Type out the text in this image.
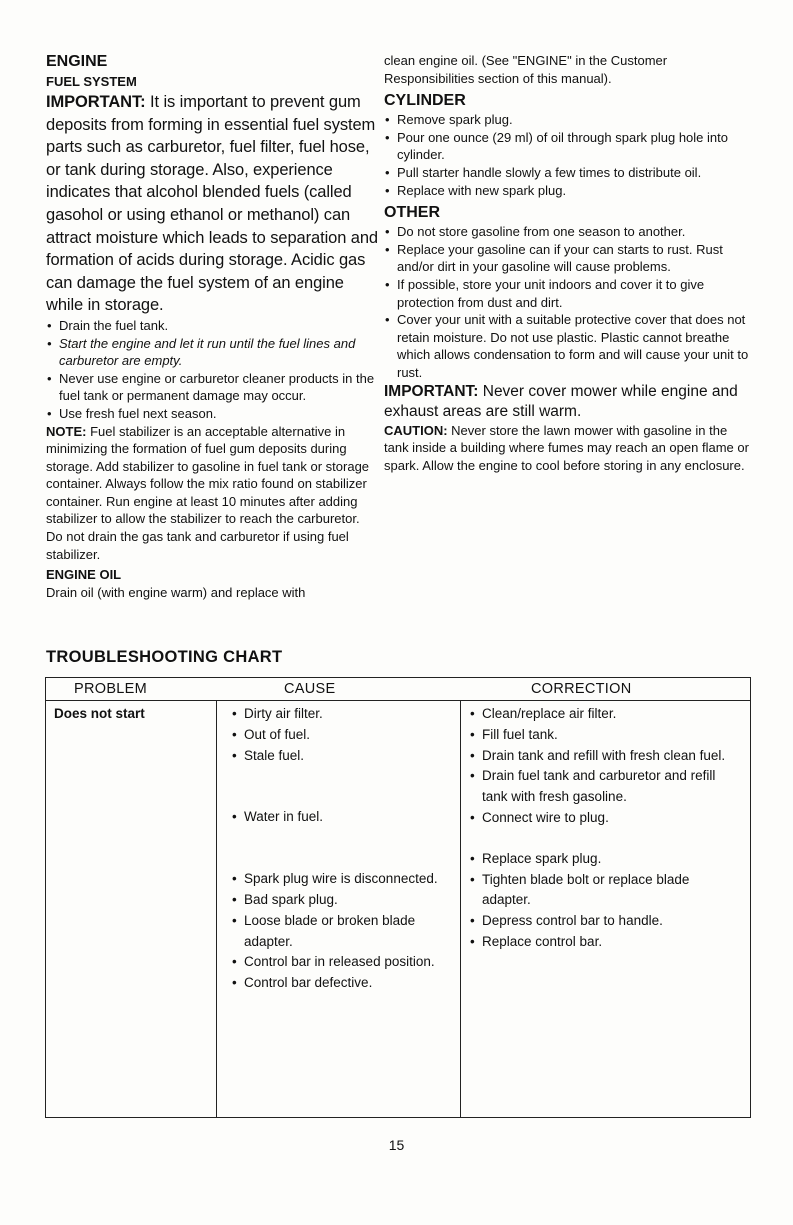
ENGINE

FUEL SYSTEM

IMPORTANT: It is important to prevent gum deposits from forming in essential fuel system parts such as carburetor, fuel filter, fuel hose, or tank during storage. Also, experience indicates that alcohol blended fuels (called gasohol or using ethanol or methanol) can attract moisture which leads to separation and formation of acids during storage. Acidic gas can damage the fuel system of an engine while in storage.

• Drain the fuel tank.
• Start the engine and let it run until the fuel lines and carburetor are empty.
• Never use engine or carburetor cleaner products in the fuel tank or permanent damage may occur.
• Use fresh fuel next season.

NOTE: Fuel stabilizer is an acceptable alternative in minimizing the formation of fuel gum deposits during storage. Add stabilizer to gasoline in fuel tank or storage container. Always follow the mix ratio found on stabilizer container. Run engine at least 10 minutes after adding stabilizer to allow the stabilizer to reach the carburetor. Do not drain the gas tank and carburetor if using fuel stabilizer.

ENGINE OIL

Drain oil (with engine warm) and replace with

clean engine oil. (See "ENGINE" in the Customer Responsibilities section of this manual).

CYLINDER

• Remove spark plug.
• Pour one ounce (29 ml) of oil through spark plug hole into cylinder.
• Pull starter handle slowly a few times to distribute oil.
• Replace with new spark plug.

OTHER

• Do not store gasoline from one season to another.
• Replace your gasoline can if your can starts to rust. Rust and/or dirt in your gasoline will cause problems.
• If possible, store your unit indoors and cover it to give protection from dust and dirt.
• Cover your unit with a suitable protective cover that does not retain moisture. Do not use plastic. Plastic cannot breathe which allows condensation to form and will cause your unit to rust.

IMPORTANT: Never cover mower while engine and exhaust areas are still warm.

CAUTION: Never store the lawn mower with gasoline in the tank inside a building where fumes may reach an open flame or spark. Allow the engine to cool before storing in any enclosure.

TROUBLESHOOTING CHART

PROBLEM	CAUSE	CORRECTION
Does not start
•	Dirty air filter.
• Out of fuel.
• Stale fuel.
• Water in fuel.
• Spark plug wire is disconnected.
• Bad spark plug.
• Loose blade or broken blade adapter.
• Control bar in released position.
• Control bar defective.
• Clean/replace air filter.
• Fill fuel tank.
• Drain tank and refill with fresh clean fuel.
• Drain fuel tank and carburetor and refill tank with fresh gasoline.
• Connect wire to plug.
• Replace spark plug.
• Tighten blade bolt or replace blade adapter.
• Depress control bar to handle.
• Replace control bar.
15
